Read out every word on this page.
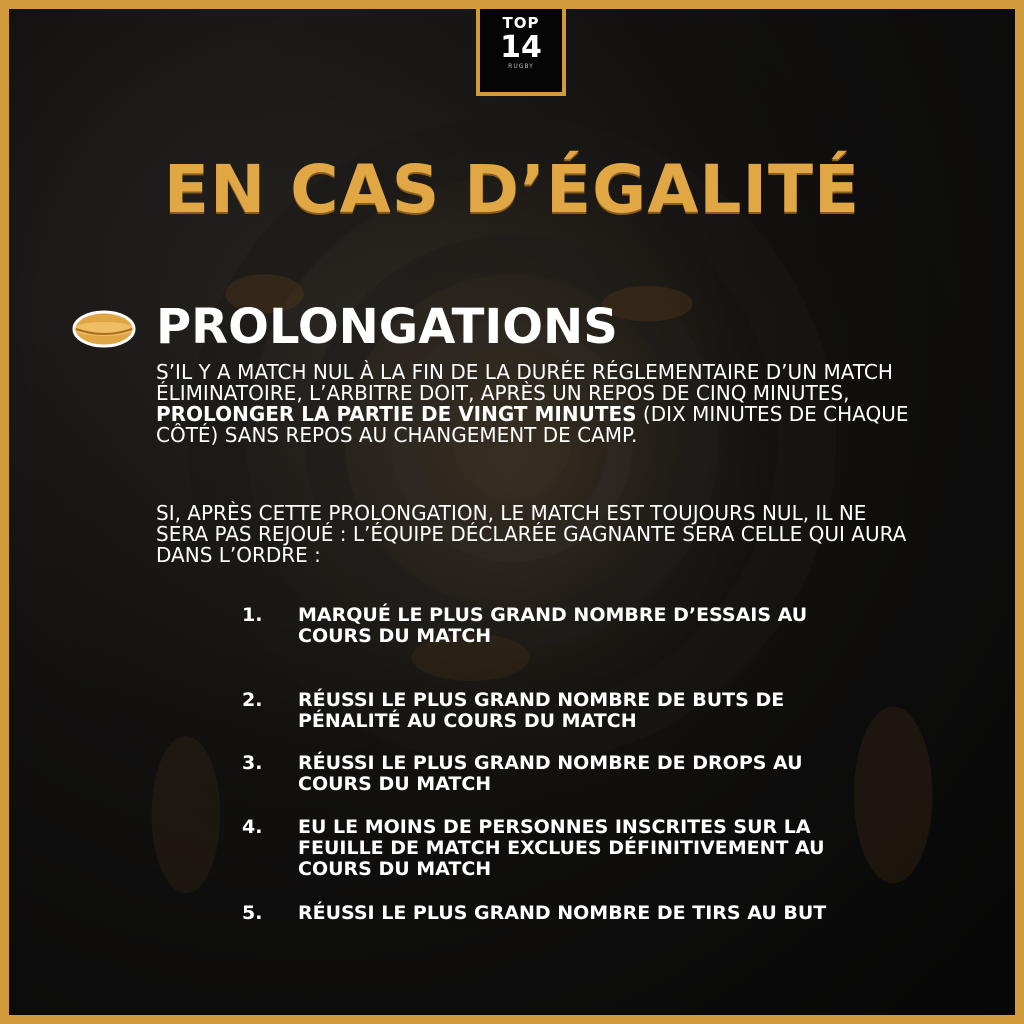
TOP
14
RUGBY
EN CAS D’ÉGALITÉ
PROLONGATIONS
S’IL Y A MATCH NUL À LA FIN DE LA DURÉE RÉGLEMENTAIRE D’UN MATCH ÉLIMINATOIRE, L’ARBITRE DOIT, APRÈS UN REPOS DE CINQ MINUTES, PROLONGER LA PARTIE DE VINGT MINUTES (DIX MINUTES DE CHAQUE CÔTÉ) SANS REPOS AU CHANGEMENT DE CAMP.
SI, APRÈS CETTE PROLONGATION, LE MATCH EST TOUJOURS NUL, IL NE SERA PAS REJOUÉ : L’ÉQUIPE DÉCLARÉE GAGNANTE SERA CELLE QUI AURA DANS L’ORDRE :
1. MARQUÉ LE PLUS GRAND NOMBRE D’ESSAIS AU COURS DU MATCH
2. RÉUSSI LE PLUS GRAND NOMBRE DE BUTS DE PÉNALITÉ AU COURS DU MATCH
3. RÉUSSI LE PLUS GRAND NOMBRE DE DROPS AU COURS DU MATCH
4. EU LE MOINS DE PERSONNES INSCRITES SUR LA FEUILLE DE MATCH EXCLUES DÉFINITIVEMENT AU COURS DU MATCH
5. RÉUSSI LE PLUS GRAND NOMBRE DE TIRS AU BUT
